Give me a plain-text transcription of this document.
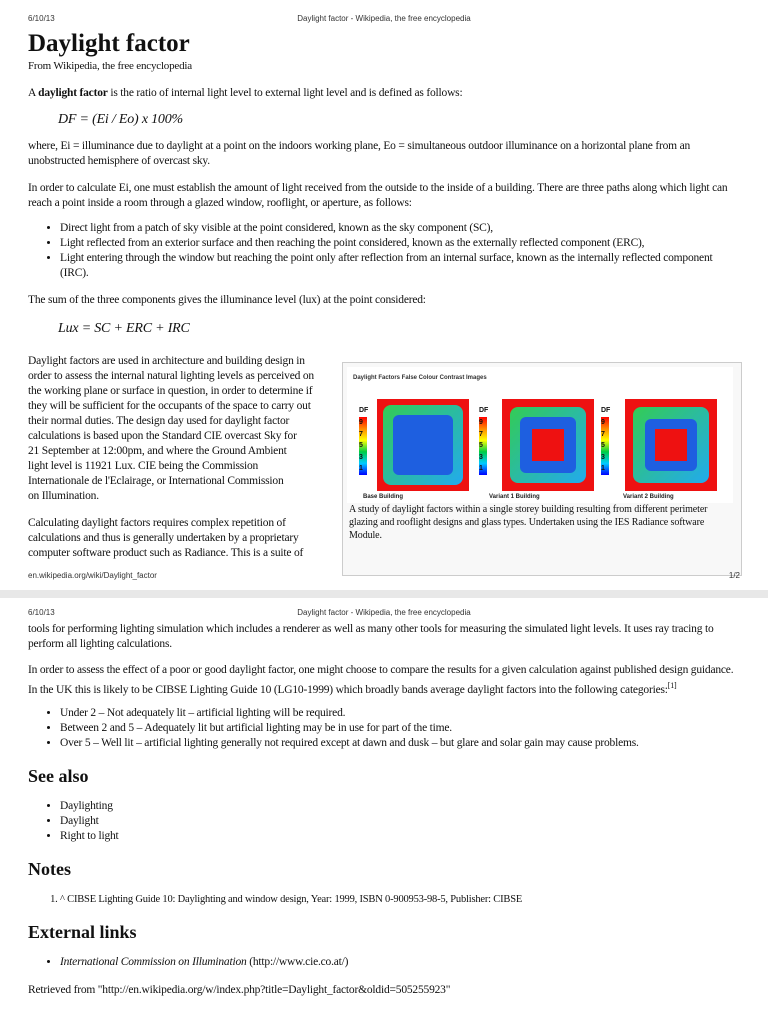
6/10/13	Daylight factor - Wikipedia, the free encyclopedia
Daylight factor

From Wikipedia, the free encyclopedia

A daylight factor is the ratio of internal light level to external light level and is defined as follows:

DF = (Ei / Eo) x 100%

where, Ei = illuminance due to daylight at a point on the indoors working plane, Eo = simultaneous outdoor illuminance on a horizontal plane from an unobstructed hemisphere of overcast sky.

In order to calculate Ei, one must establish the amount of light received from the outside to the inside of a building. There are three paths along which light can reach a point inside a room through a glazed window, rooflight, or aperture, as follows:

• Direct light from a patch of sky visible at the point considered, known as the sky component (SC),
• Light reflected from an exterior surface and then reaching the point considered, known as the externally reflected component (ERC),
• Light entering through the window but reaching the point only after reflection from an internal surface, known as the internally reflected component (IRC).

The sum of the three components gives the illuminance level (lux) at the point considered:

Lux = SC + ERC + IRC

Daylight factors are used in architecture and building design in

order to assess the internal natural lighting levels as perceived on

the working plane or surface in question, in order to determine if

they will be sufficient for the occupants of the space to carry out

their normal duties. The design day used for daylight factor

calculations is based upon the Standard CIE overcast Sky for

21 September at 12:00pm, and where the Ground Ambient

light level is 11921 Lux. CIE being the Commission

Internationale de l'Eclairage, or International Commission

on Illumination.

Calculating daylight factors requires complex repetition of

calculations and thus is generally undertaken by a proprietary

computer software product such as Radiance. This is a suite of

Daylight Factors False Colour Contrast Images
DF
9
7
5
3
1
DF
9
7
5
3
1
DF
9
7
5
3
1
Base Building	Variant 1 Building	Variant 2 Building
A study of daylight factors within a single storey building resulting from different perimeter glazing and rooflight designs and glass types. Undertaken using the IES Radiance software Module.
en.wikipedia.org/wiki/Daylight_factor	1/2
6/10/13	Daylight factor - Wikipedia, the free encyclopedia

tools for performing lighting simulation which includes a renderer as well as many other tools for measuring the simulated light levels. It uses ray tracing to perform all lighting calculations.

In order to assess the effect of a poor or good daylight factor, one might choose to compare the results for a given calculation against published design guidance. In the UK this is likely to be CIBSE Lighting Guide 10 (LG10-1999) which broadly bands average daylight factors into the following categories:[1]

• Under 2 – Not adequately lit – artificial lighting will be required.
• Between 2 and 5 – Adequately lit but artificial lighting may be in use for part of the time.
• Over 5 – Well lit – artificial lighting generally not required except at dawn and dusk – but glare and solar gain may cause problems.
See also
• Daylighting
• Daylight
• Right to light
Notes
1. ^ CIBSE Lighting Guide 10: Daylighting and window design, Year: 1999, ISBN 0-900953-98-5, Publisher: CIBSE
External links
• International Commission on Illumination (http://www.cie.co.at/)

Retrieved from "http://en.wikipedia.org/w/index.php?title=Daylight_factor&oldid=505255923"
